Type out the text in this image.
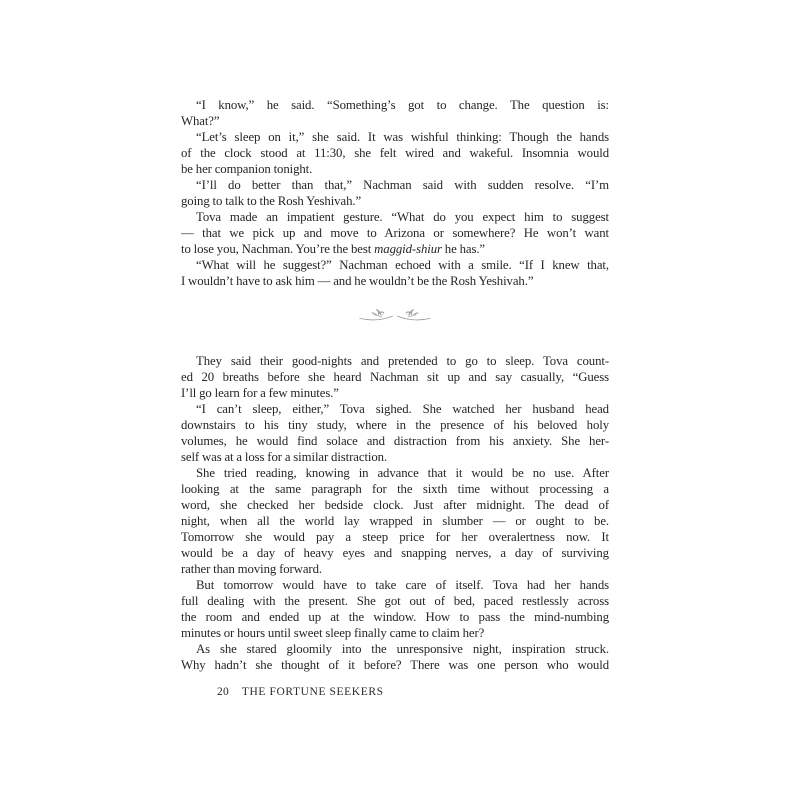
“I know,” he said. “Something’s got to change. The question is:
What?”
“Let’s sleep on it,” she said. It was wishful thinking: Though the hands
of the clock stood at 11:30, she felt wired and wakeful. Insomnia would
be her companion tonight.
“I’ll do better than that,” Nachman said with sudden resolve. “I’m
going to talk to the Rosh Yeshivah.”
Tova made an impatient gesture. “What do you expect him to suggest
— that we pick up and move to Arizona or somewhere? He won’t want
to lose you, Nachman. You’re the best maggid-shiur he has.”
“What will he suggest?” Nachman echoed with a smile. “If I knew that,
I wouldn’t have to ask him — and he wouldn’t be the Rosh Yeshivah.”
They said their good-nights and pretended to go to sleep. Tova count-
ed 20 breaths before she heard Nachman sit up and say casually, “Guess
I’ll go learn for a few minutes.”
“I can’t sleep, either,” Tova sighed. She watched her husband head
downstairs to his tiny study, where in the presence of his beloved holy
volumes, he would find solace and distraction from his anxiety. She her-
self was at a loss for a similar distraction.
She tried reading, knowing in advance that it would be no use. After
looking at the same paragraph for the sixth time without processing a
word, she checked her bedside clock. Just after midnight. The dead of
night, when all the world lay wrapped in slumber — or ought to be.
Tomorrow she would pay a steep price for her overalertness now. It
would be a day of heavy eyes and snapping nerves, a day of surviving
rather than moving forward.
But tomorrow would have to take care of itself. Tova had her hands
full dealing with the present. She got out of bed, paced restlessly across
the room and ended up at the window. How to pass the mind-numbing
minutes or hours until sweet sleep finally came to claim her?
As she stared gloomily into the unresponsive night, inspiration struck.
Why hadn’t she thought of it before? There was one person who would
20 THE FORTUNE SEEKERS
